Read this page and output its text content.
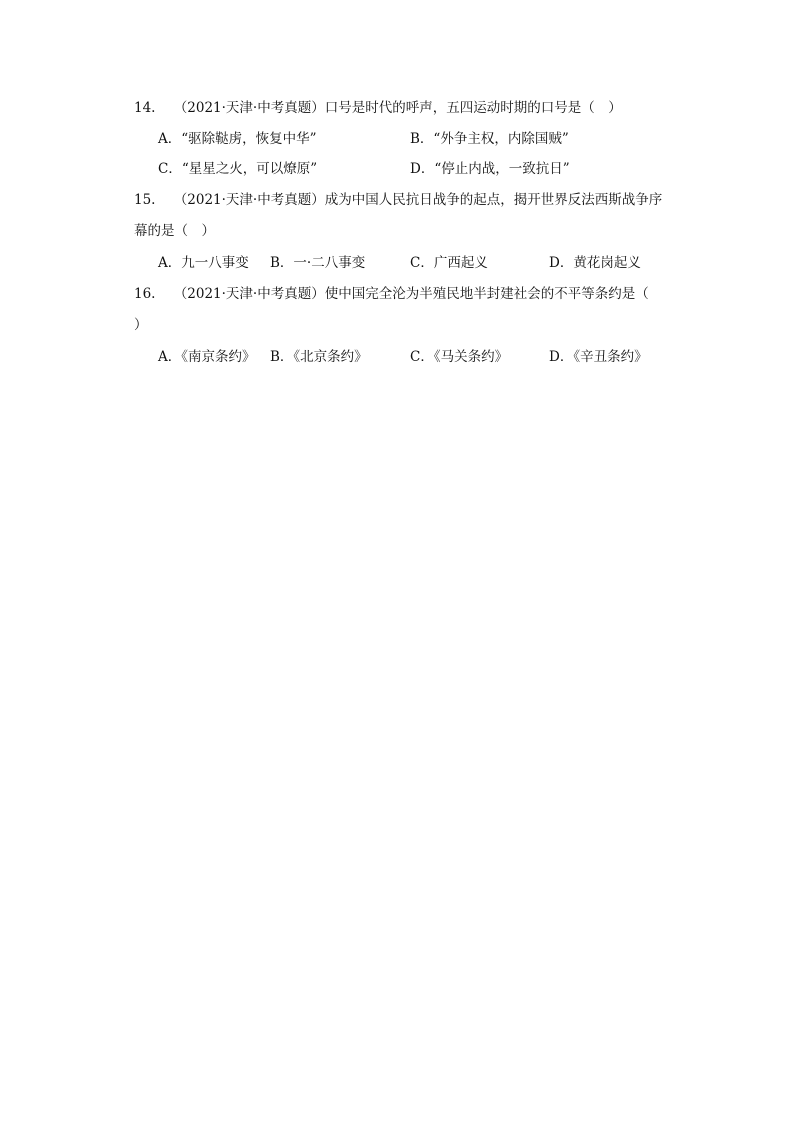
14. （2021·天津·中考真题）口号是时代的呼声，五四运动时期的口号是（　）
A．“驱除鞑虏，恢复中华”	B．“外争主权，内除国贼”
C．“星星之火，可以燎原”	D．“停止内战，一致抗日”
15. （2021·天津·中考真题）成为中国人民抗日战争的起点，揭开世界反法西斯战争序
幕的是（　）
A．九一八事变 B．一·二八事变	C．广西起义	D．黄花岗起义
16. （2021·天津·中考真题）使中国完全沦为半殖民地半封建社会的不平等条约是（
）
A．《南京条约》 B．《北京条约》	C．《马关条约》	D．《辛丑条约》
